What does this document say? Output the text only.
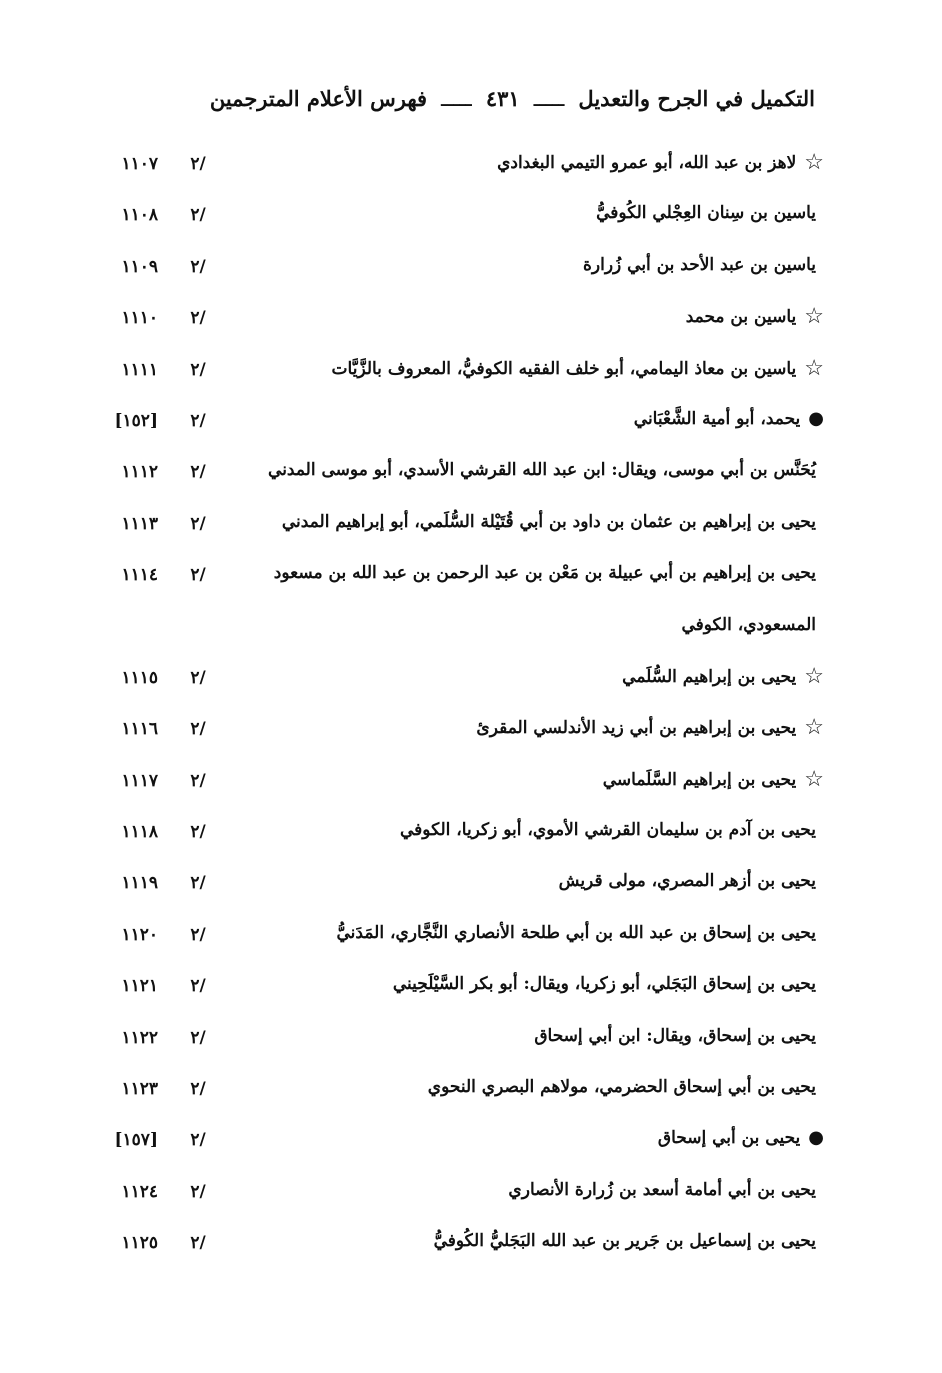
التكميل في الجرح والتعديل
ـــــ
٤٣١
ـــــ
فهرس الأعلام المترجمين
☆
لاهز بن عبد الله، أبو عمرو التيمي البغدادي
٢/
١١٠٧
ياسين بن سِنان العِجْلي الكُوفيُّ
٢/
١١٠٨
ياسين بن عبد الأحد بن أبي زُرارة
٢/
١١٠٩
☆
ياسين بن محمد
٢/
١١١٠
☆
ياسين بن معاذ اليمامي، أبو خلف الفقيه الكوفيُّ، المعروف بالزَّيَّات
٢/
١١١١
●
يحمد، أبو أمية الشَّعْبَاني
٢/
[١٥٢]
يُحَنَّس بن أبي موسى، ويقال: ابن عبد الله القرشي الأسدي، أبو موسى المدني
٢/
١١١٢
يحيى بن إبراهيم بن عثمان بن داود بن أبي قُتَيْلة السُّلَمي، أبو إبراهيم المدني
٢/
١١١٣
يحيى بن إبراهيم بن أبي عبيلة بن مَعْن بن عبد الرحمن بن عبد الله بن مسعود
٢/
١١١٤
المسعودي، الكوفي
☆
يحيى بن إبراهيم السُّلَمي
٢/
١١١٥
☆
يحيى بن إبراهيم بن أبي زيد الأندلسي المقرئ
٢/
١١١٦
☆
يحيى بن إبراهيم السَّلَماسي
٢/
١١١٧
يحيى بن آدم بن سليمان القرشي الأموي، أبو زكريا، الكوفي
٢/
١١١٨
يحيى بن أزهر المصري، مولى قريش
٢/
١١١٩
يحيى بن إسحاق بن عبد الله بن أبي طلحة الأنصاري النَّجَّاري، المَدَنيُّ
٢/
١١٢٠
يحيى بن إسحاق البَجَلي، أبو زكريا، ويقال: أبو بكر السَّيْلَحِيني
٢/
١١٢١
يحيى بن إسحاق، ويقال: ابن أبي إسحاق
٢/
١١٢٢
يحيى بن أبي إسحاق الحضرمي، مولاهم البصري النحوي
٢/
١١٢٣
●
يحيى بن أبي إسحاق
٢/
[١٥٧]
يحيى بن أبي أمامة أسعد بن زُرارة الأنصاري
٢/
١١٢٤
يحيى بن إسماعيل بن جَرير بن عبد الله البَجَليُّ الكُوفيُّ
٢/
١١٢٥
